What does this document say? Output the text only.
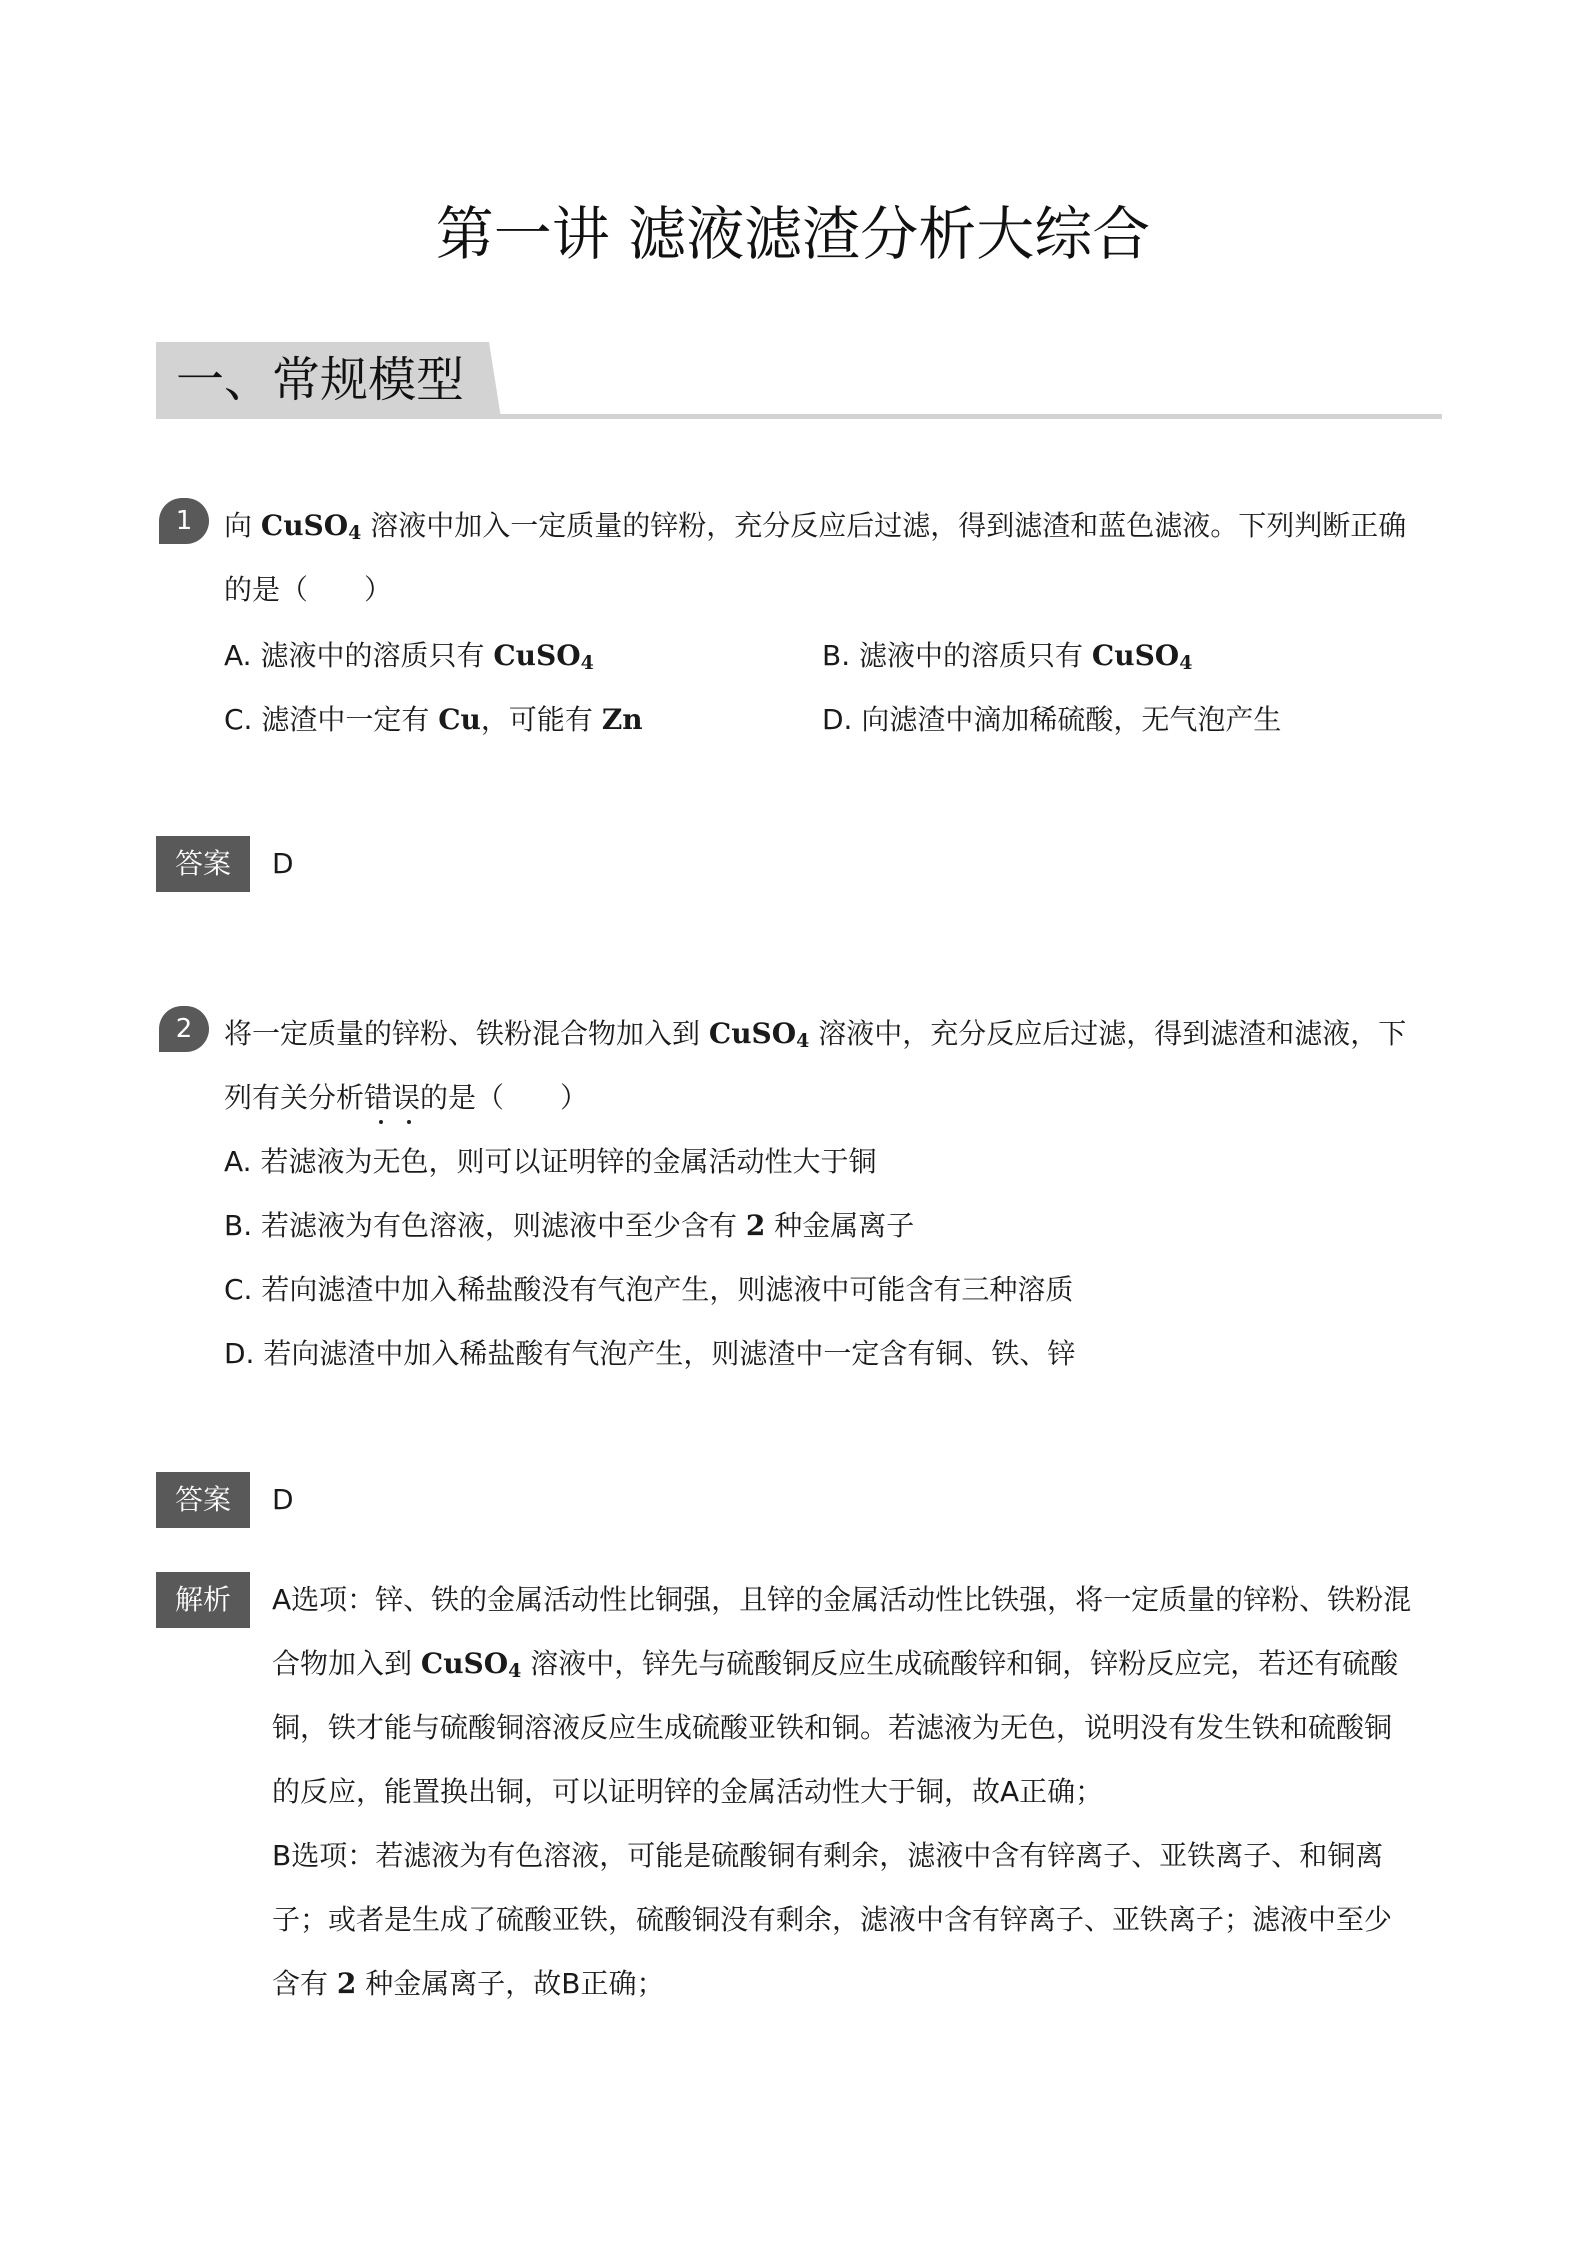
第一讲 滤液滤渣分析大综合
一、常规模型
1	向 CuSO$_4$ 溶液中加入一定质量的锌粉，充分反应后过滤，得到滤渣和蓝色滤液。下列判断正确
的是（　　）
A. 滤液中的溶质只有 CuSO$_4$	B. 滤液中的溶质只有 CuSO$_4$
C. 滤渣中一定有 Cu，可能有 Zn	D. 向滤渣中滴加稀硫酸，无气泡产生
答案	D
2	将一定质量的锌粉、铁粉混合物加入到 CuSO$_4$ 溶液中，充分反应后过滤，得到滤渣和滤液，下
列有关分析错误的是（　　）
A. 若滤液为无色，则可以证明锌的金属活动性大于铜
B. 若滤液为有色溶液，则滤液中至少含有 2 种金属离子
C. 若向滤渣中加入稀盐酸没有气泡产生，则滤液中可能含有三种溶质
D. 若向滤渣中加入稀盐酸有气泡产生，则滤渣中一定含有铜、铁、锌
答案	D
解析	A选项：锌、铁的金属活动性比铜强，且锌的金属活动性比铁强，将一定质量的锌粉、铁粉混
合物加入到 CuSO$_4$ 溶液中，锌先与硫酸铜反应生成硫酸锌和铜，锌粉反应完，若还有硫酸
铜，铁才能与硫酸铜溶液反应生成硫酸亚铁和铜。若滤液为无色，说明没有发生铁和硫酸铜
的反应，能置换出铜，可以证明锌的金属活动性大于铜，故A正确；
B选项：若滤液为有色溶液，可能是硫酸铜有剩余，滤液中含有锌离子、亚铁离子、和铜离
子；或者是生成了硫酸亚铁，硫酸铜没有剩余，滤液中含有锌离子、亚铁离子；滤液中至少
含有 2 种金属离子，故B正确；
